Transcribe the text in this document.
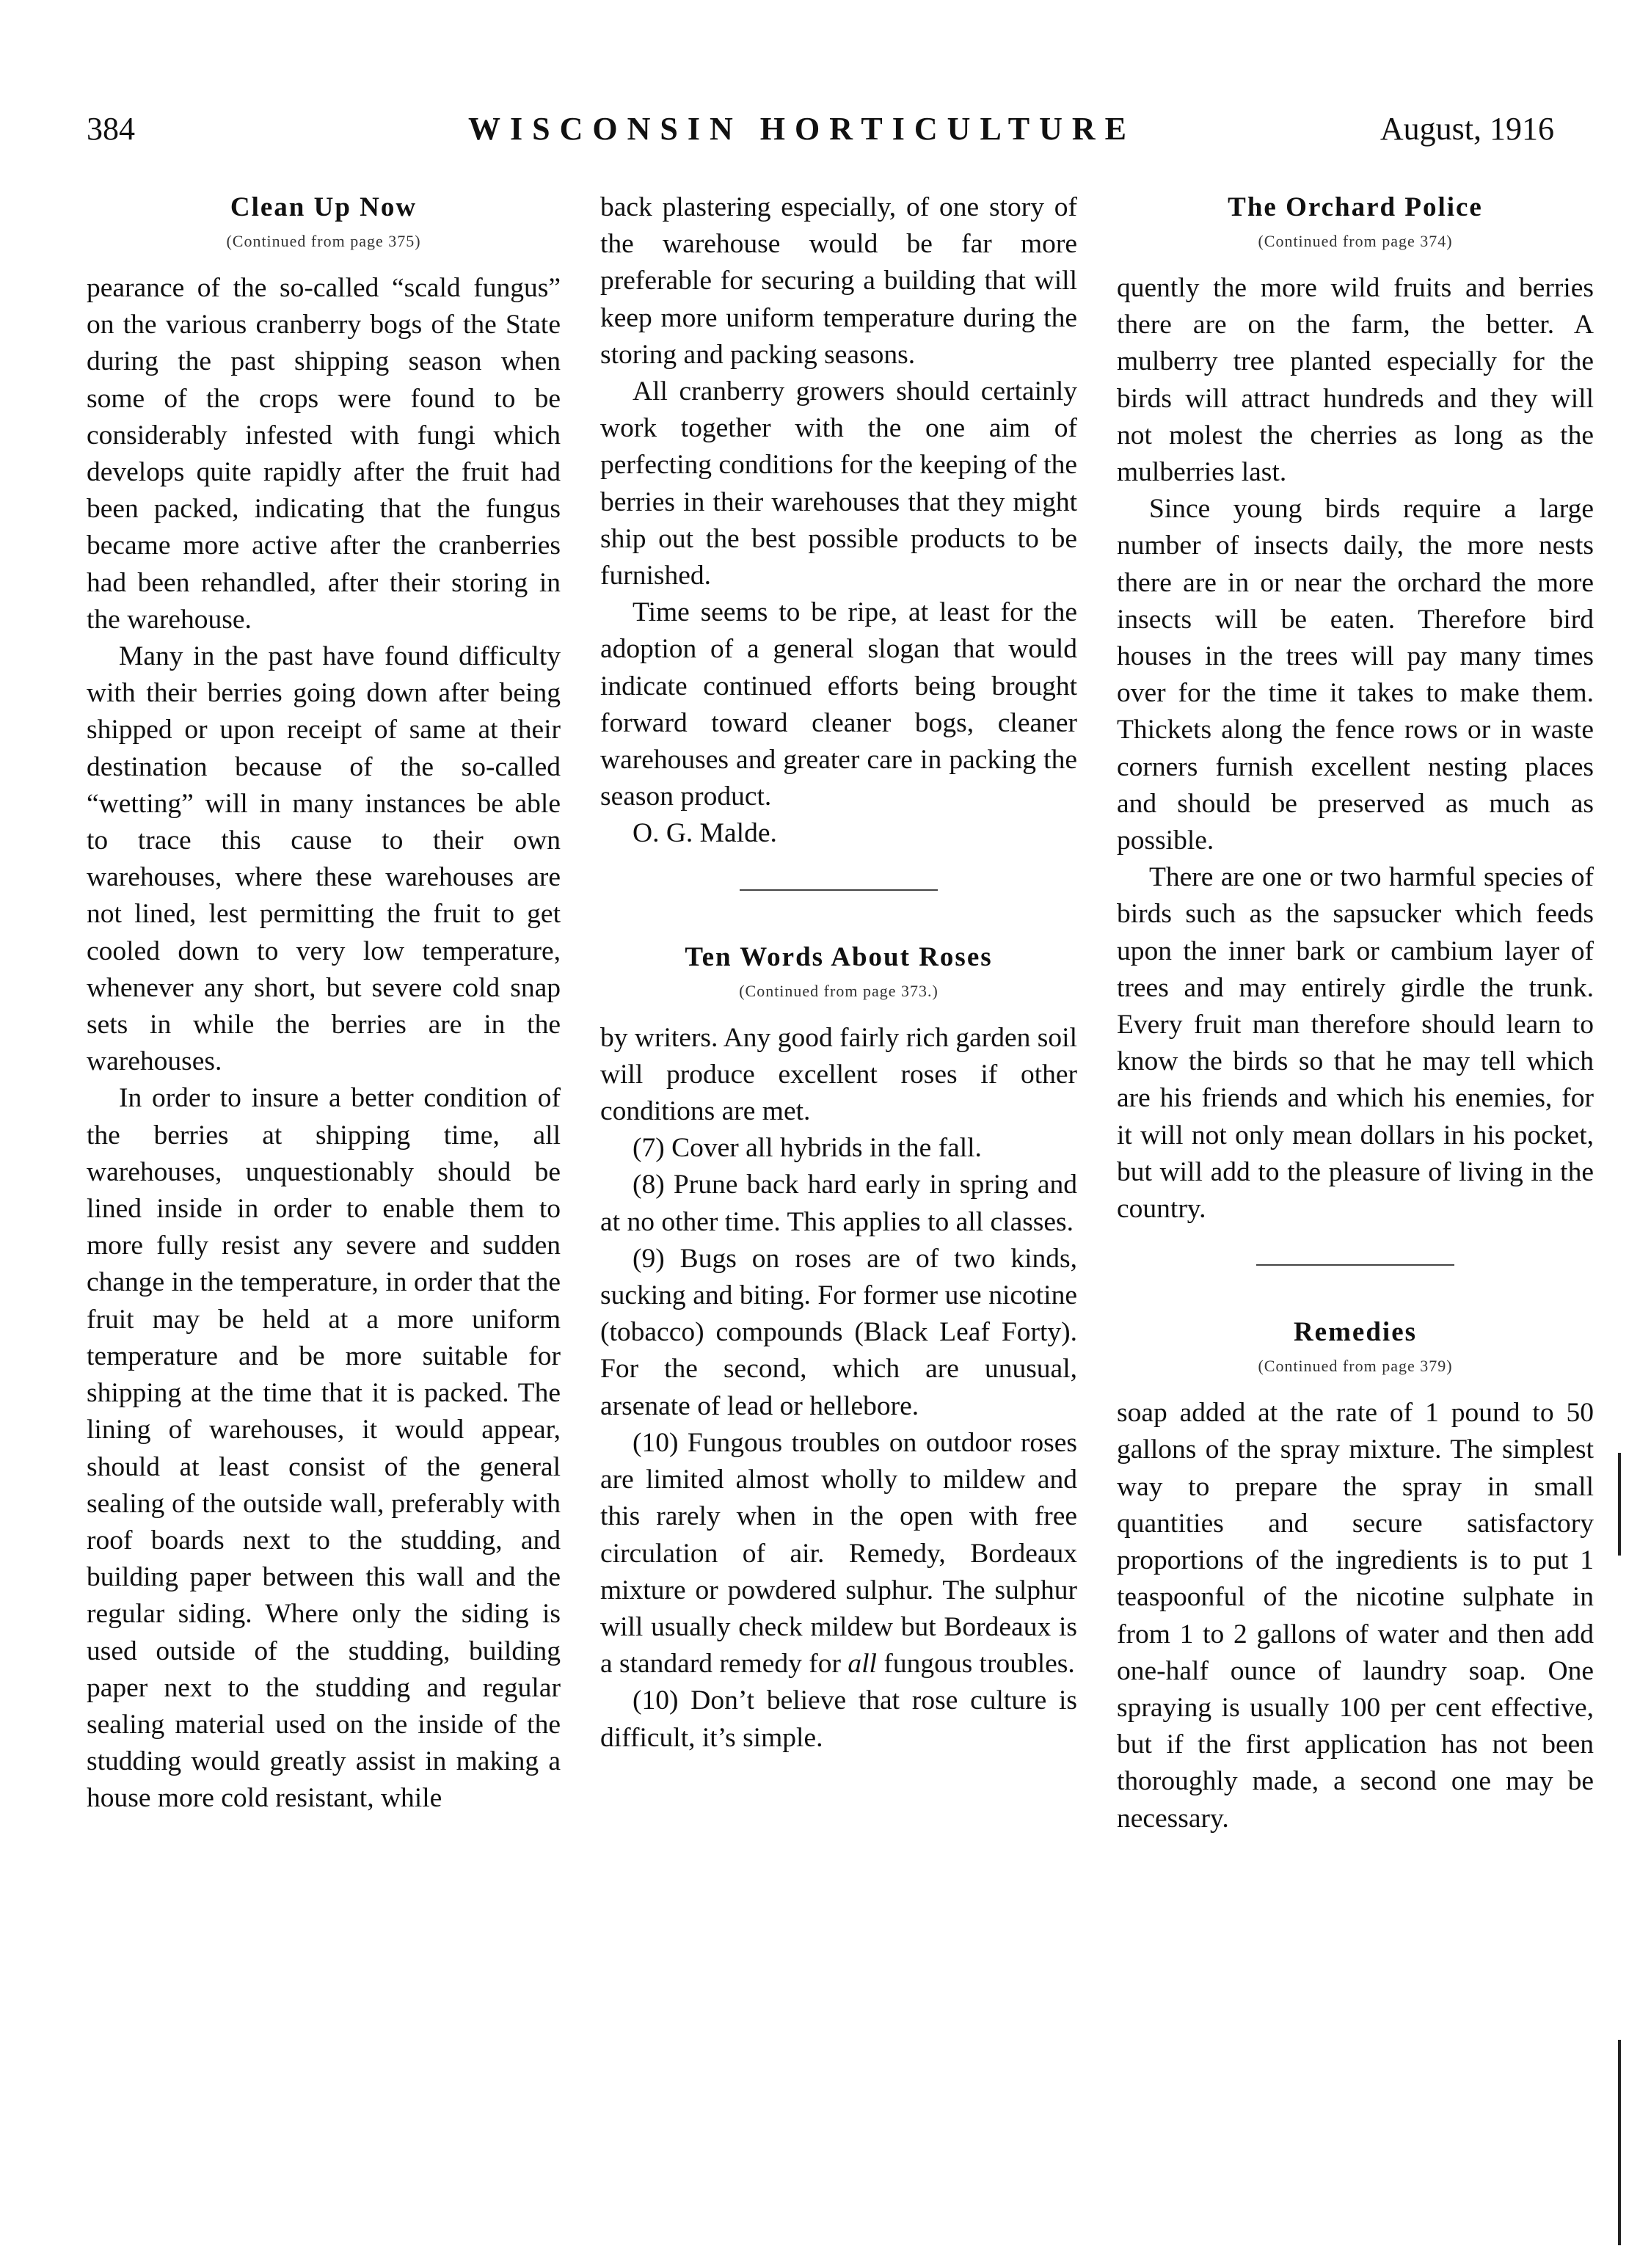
384	WISCONSIN HORTICULTURE	August, 1916
Clean Up Now
(Continued from page 375)

pearance of the so-called “scald fungus” on the various cranberry bogs of the State during the past shipping season when some of the crops were found to be considerably infested with fungi which develops quite rapidly after the fruit had been packed, indicating that the fungus became more active after the cranberries had been rehandled, after their storing in the warehouse.

Many in the past have found difficulty with their berries going down after being shipped or upon receipt of same at their destination because of the so-called “wetting” will in many instances be able to trace this cause to their own warehouses, where these warehouses are not lined, lest permitting the fruit to get cooled down to very low temperature, whenever any short, but severe cold snap sets in while the berries are in the warehouses.

In order to insure a better condition of the berries at shipping time, all warehouses, unquestionably should be lined inside in order to enable them to more fully resist any severe and sudden change in the temperature, in order that the fruit may be held at a more uniform temperature and be more suitable for shipping at the time that it is packed. The lining of warehouses, it would appear, should at least consist of the general sealing of the outside wall, preferably with roof boards next to the studding, and building paper between this wall and the regular siding. Where only the siding is used outside of the studding, building paper next to the studding and regular sealing material used on the inside of the studding would greatly assist in making a house more cold resistant, while

back plastering especially, of one story of the warehouse would be far more preferable for securing a building that will keep more uniform temperature during the storing and packing seasons.

All cranberry growers should certainly work together with the one aim of perfecting conditions for the keeping of the berries in their warehouses that they might ship out the best possible products to be furnished.

Time seems to be ripe, at least for the adoption of a general slogan that would indicate continued efforts being brought forward toward cleaner bogs, cleaner warehouses and greater care in packing the season product.

O. G. Malde.

Ten Words About Roses
(Continued from page 373.)

by writers. Any good fairly rich garden soil will produce excellent roses if other conditions are met.

(7) Cover all hybrids in the fall.

(8) Prune back hard early in spring and at no other time. This applies to all classes.

(9) Bugs on roses are of two kinds, sucking and biting. For former use nicotine (tobacco) compounds (Black Leaf Forty). For the second, which are unusual, arsenate of lead or hellebore.

(10) Fungous troubles on outdoor roses are limited almost wholly to mildew and this rarely when in the open with free circulation of air. Remedy, Bordeaux mixture or powdered sulphur. The sulphur will usually check mildew but Bordeaux is a standard remedy for all fungous troubles.

(10) Don’t believe that rose culture is difficult, it’s simple.

The Orchard Police
(Continued from page 374)

quently the more wild fruits and berries there are on the farm, the better. A mulberry tree planted especially for the birds will attract hundreds and they will not molest the cherries as long as the mulberries last.

Since young birds require a large number of insects daily, the more nests there are in or near the orchard the more insects will be eaten. Therefore bird houses in the trees will pay many times over for the time it takes to make them. Thickets along the fence rows or in waste corners furnish excellent nesting places and should be preserved as much as possible.

There are one or two harmful species of birds such as the sapsucker which feeds upon the inner bark or cambium layer of trees and may entirely girdle the trunk. Every fruit man therefore should learn to know the birds so that he may tell which are his friends and which his enemies, for it will not only mean dollars in his pocket, but will add to the pleasure of living in the country.

Remedies
(Continued from page 379)

soap added at the rate of 1 pound to 50 gallons of the spray mixture. The simplest way to prepare the spray in small quantities and secure satisfactory proportions of the ingredients is to put 1 teaspoonful of the nicotine sulphate in from 1 to 2 gallons of water and then add one-half ounce of laundry soap. One spraying is usually 100 per cent effective, but if the first application has not been thoroughly made, a second one may be necessary.
